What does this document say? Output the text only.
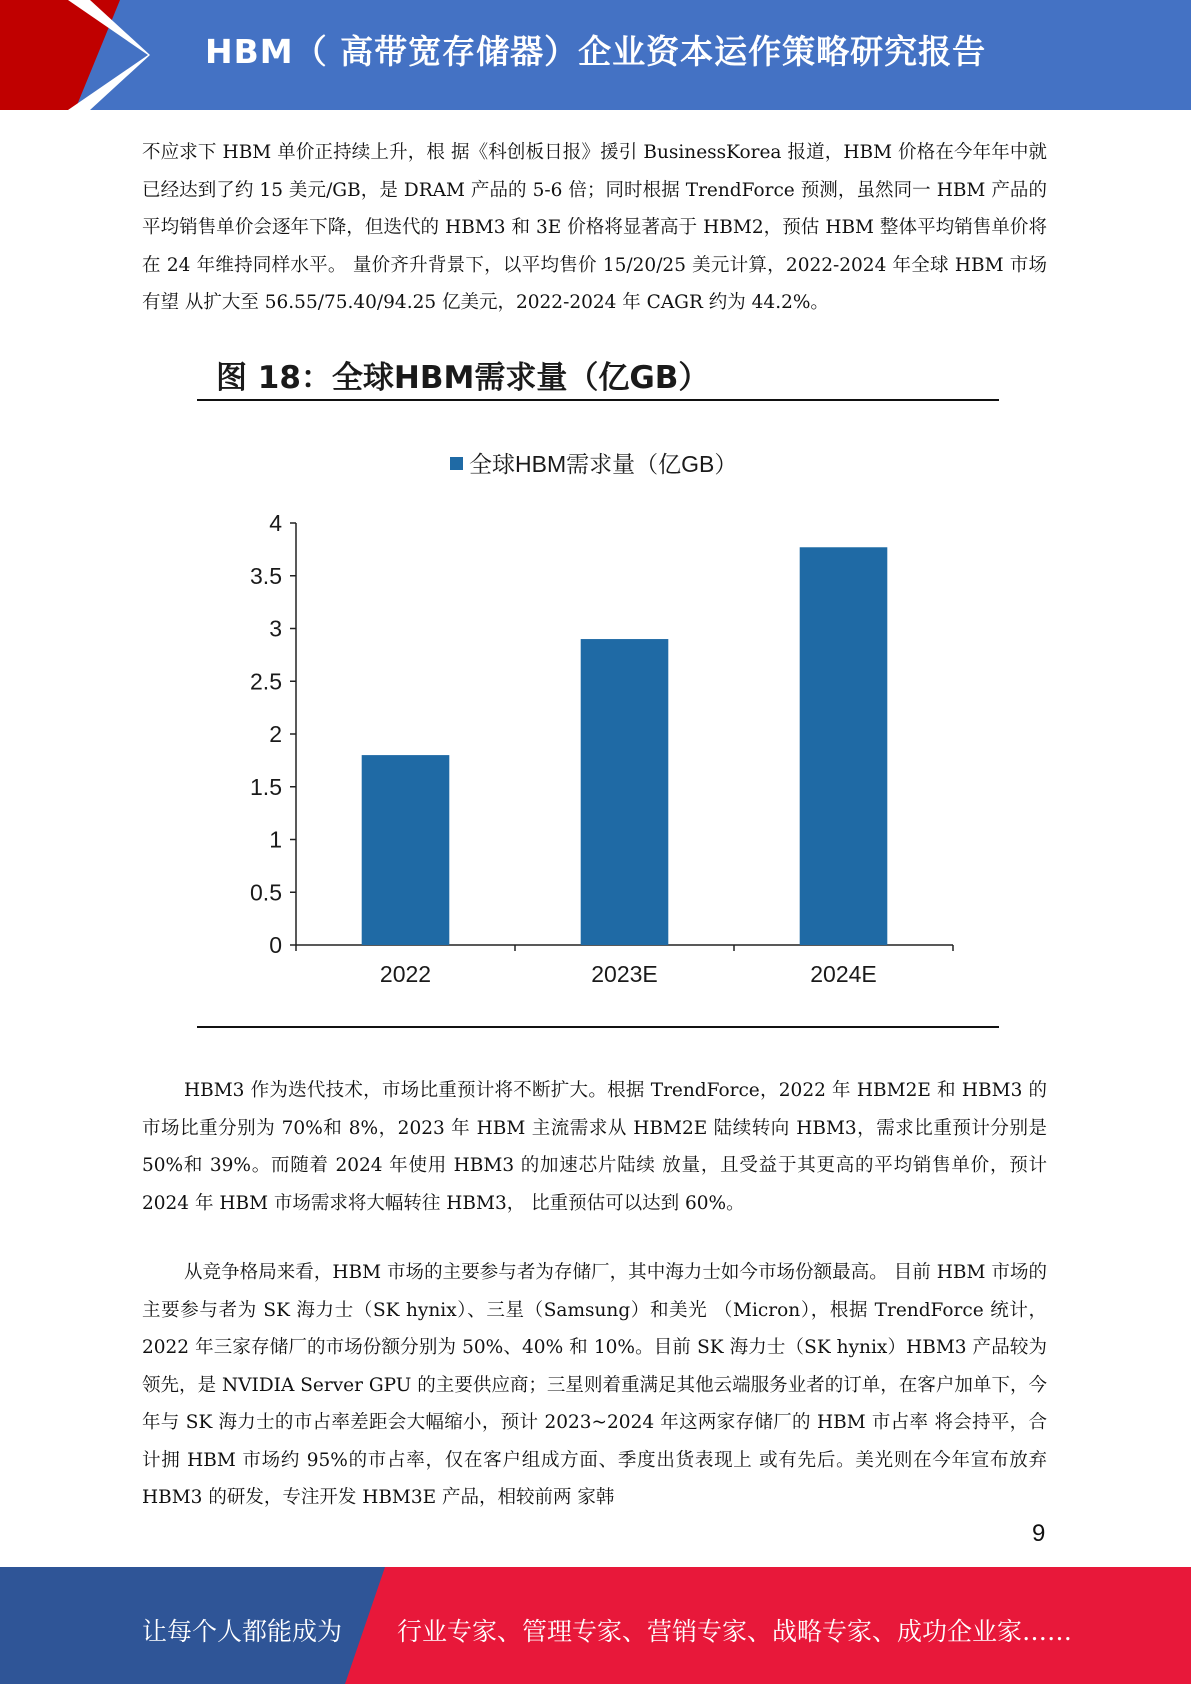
HBM（ 高带宽存储器）企业资本运作策略研究报告

不应求下 HBM 单价正持续上升，根 据《科创板日报》援引 BusinessKorea 报道，HBM 价格在今年年中就已经达到了约 15 美元/GB，是 DRAM 产品的 5-6 倍；同时根据 TrendForce 预测，虽然同一 HBM 产品的 平均销售单价会逐年下降，但迭代的 HBM3 和 3E 价格将显著高于 HBM2，预估 HBM 整体平均销售单价将在 24 年维持同样水平。 量价齐升背景下，以平均售价 15/20/25 美元计算，2022-2024 年全球 HBM 市场有望 从扩大至 56.55/75.40/94.25 亿美元，2022-2024 年 CAGR 约为 44.2%。

图 18：全球HBM需求量（亿GB）
全球HBM需求量（亿GB）
0
0.5
1
1.5
2
2.5
3
3.5
4
2022	2023E	2024E

HBM3 作为迭代技术，市场比重预计将不断扩大。根据 TrendForce，2022 年 HBM2E 和 HBM3 的市场比重分别为 70%和 8%，2023 年 HBM 主流需求从 HBM2E 陆续转向 HBM3，需求比重预计分别是 50%和 39%。而随着 2024 年使用 HBM3 的加速芯片陆续 放量，且受益于其更高的平均销售单价，预计 2024 年 HBM 市场需求将大幅转往 HBM3， 比重预估可以达到 60%。

从竞争格局来看，HBM 市场的主要参与者为存储厂，其中海力士如今市场份额最高。 目前 HBM 市场的主要参与者为 SK 海力士（SK hynix）、三星（Samsung）和美光 （Micron），根据 TrendForce 统计，2022 年三家存储厂的市场份额分别为 50%、40% 和 10%。目前 SK 海力士（SK hynix）HBM3 产品较为领先，是 NVIDIA Server GPU 的主要供应商；三星则着重满足其他云端服务业者的订单，在客户加单下，今年与 SK 海力士的市占率差距会大幅缩小，预计 2023~2024 年这两家存储厂的 HBM 市占率 将会持平，合计拥 HBM 市场约 95%的市占率，仅在客户组成方面、季度出货表现上 或有先后。美光则在今年宣布放弃 HBM3 的研发，专注开发 HBM3E 产品，相较前两 家韩

9
让每个人都能成为 行业专家、管理专家、营销专家、战略专家、成功企业家……
